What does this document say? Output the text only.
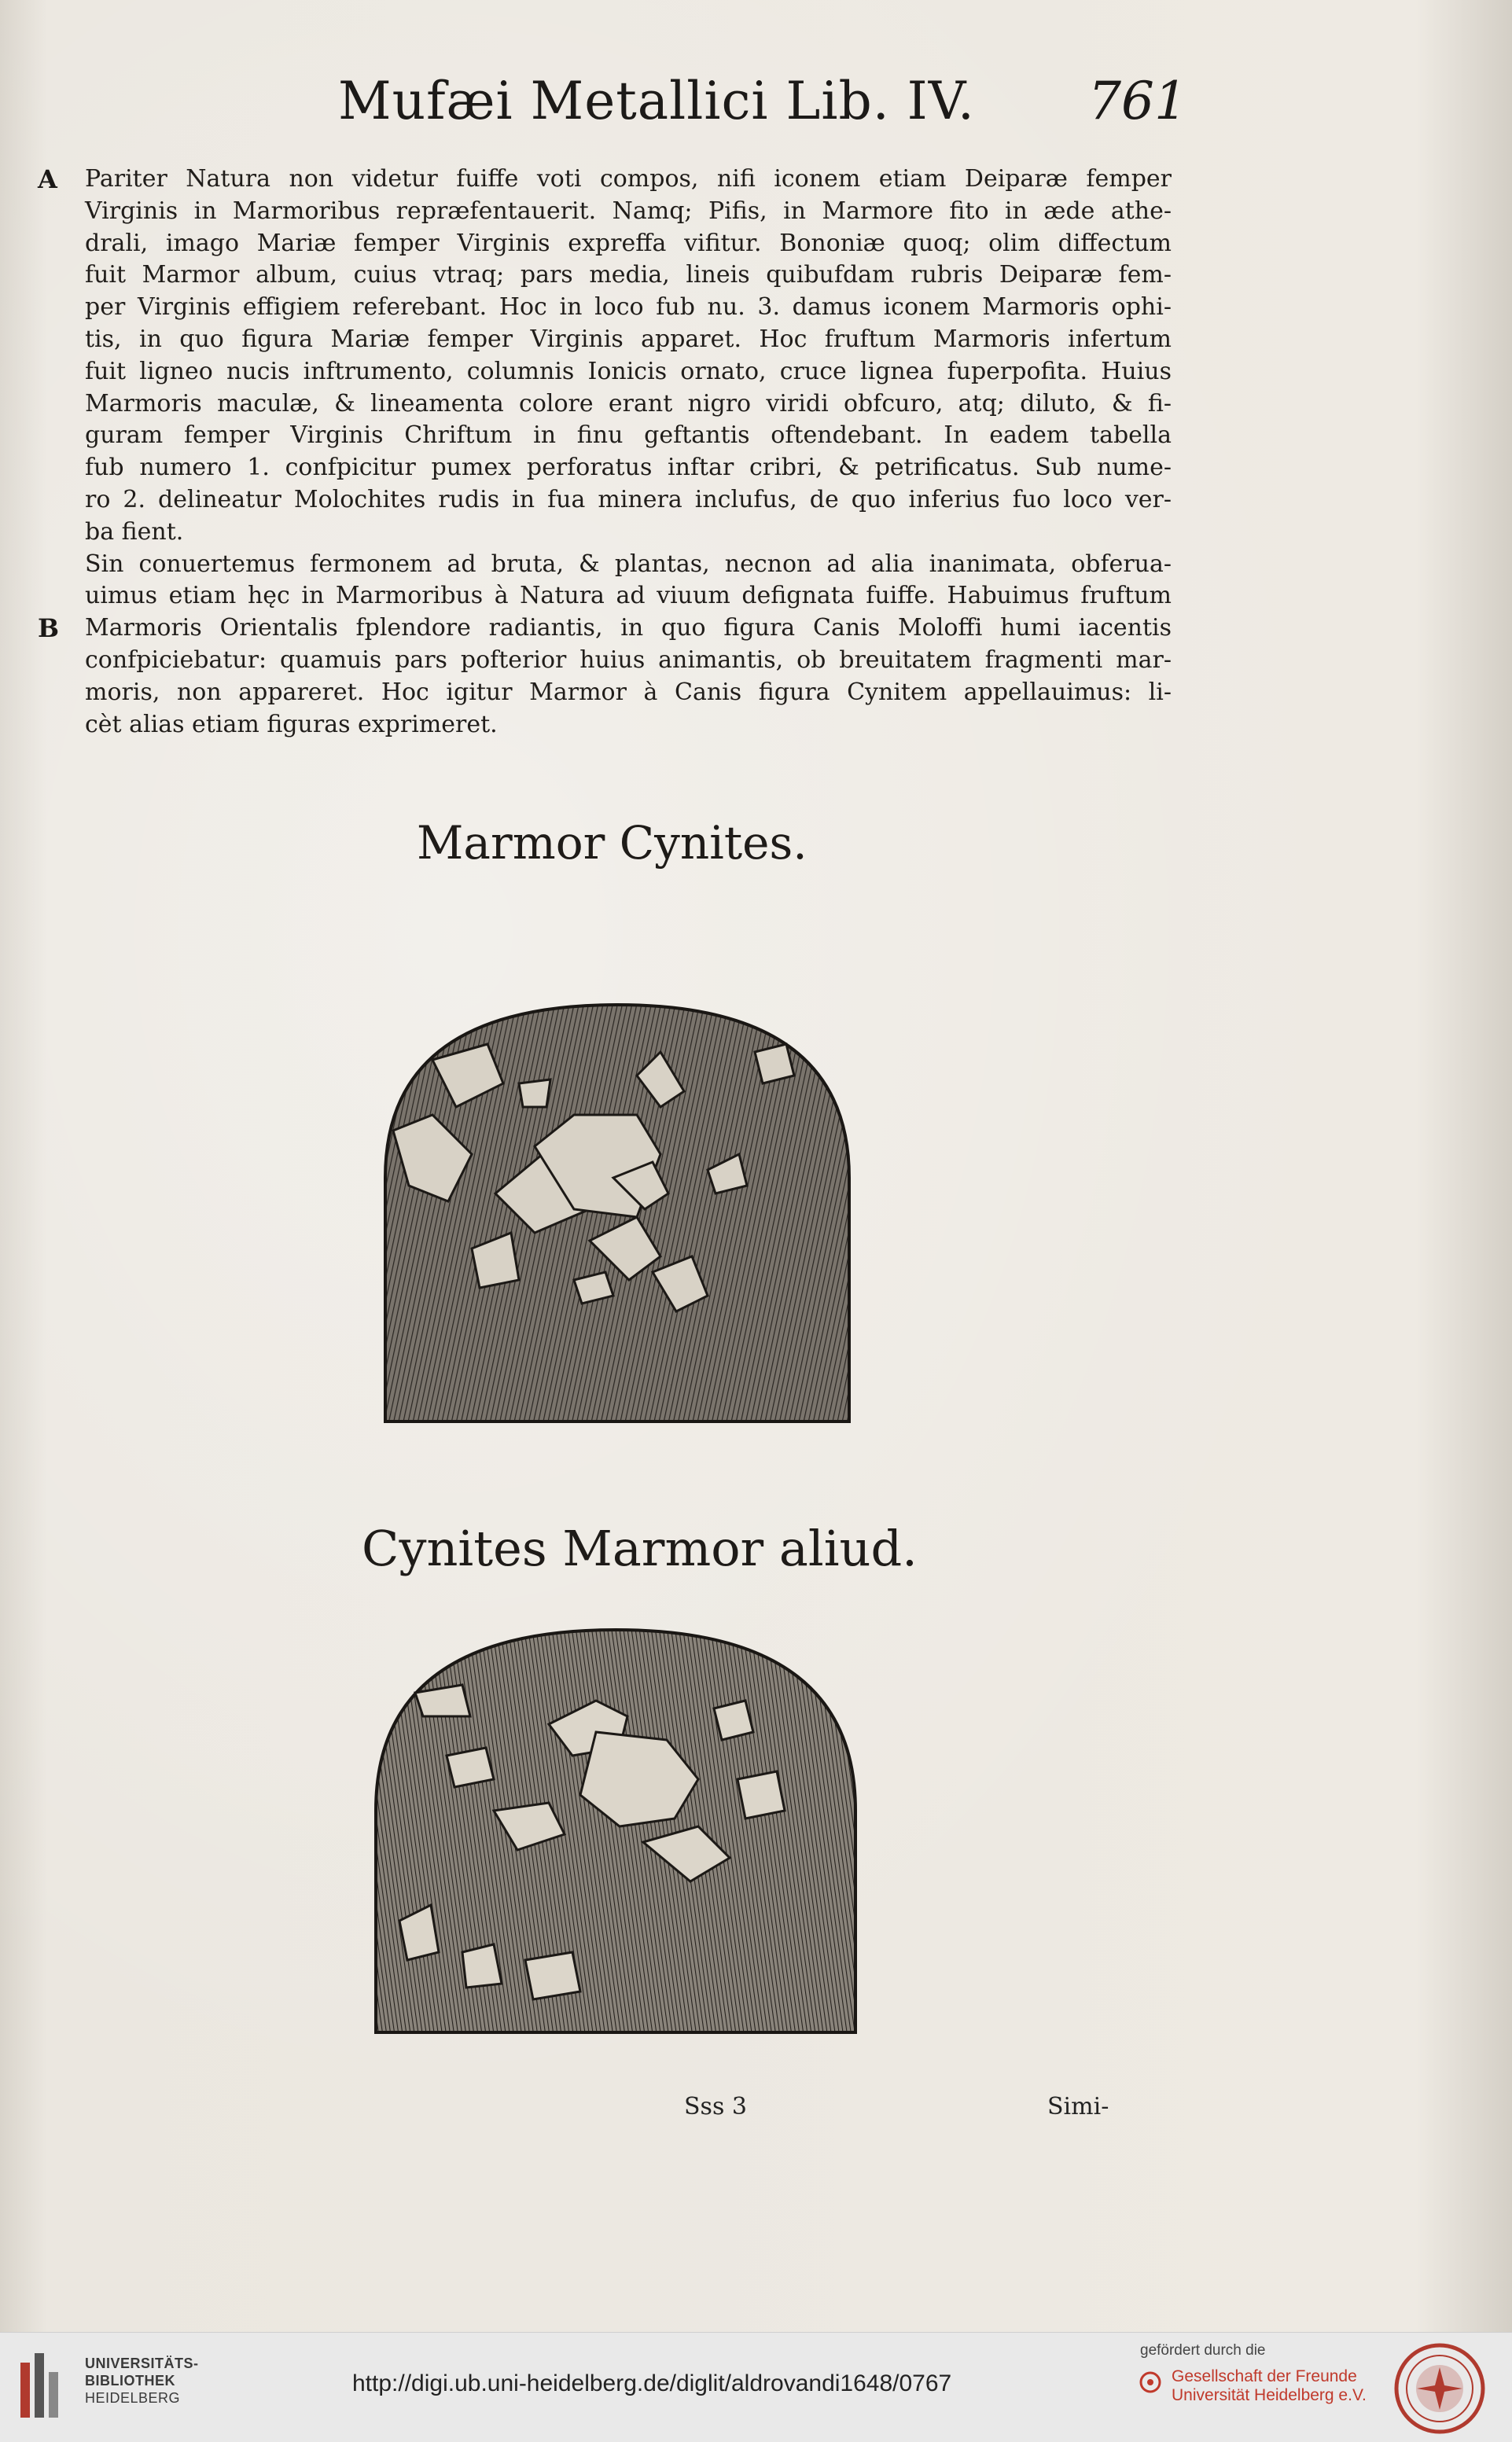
Mufæi Metallici Lib. IV. 761
A Pariter Natura non videtur fuiffe voti compos, nifi iconem etiam Deiparæ femper
Virginis in Marmoribus repræfentauerit. Namq; Pifis, in Marmore fito in æde athe-
drali, imago Mariæ femper Virginis expreffa vifitur. Bononiæ quoq; olim diffectum
fuit Marmor album, cuius vtraq; pars media, lineis quibufdam rubris Deiparæ fem-
per Virginis effigiem referebant. Hoc in loco fub nu. 3. damus iconem Marmoris ophi-
tis, in quo figura Mariæ femper Virginis apparet. Hoc fruftum Marmoris infertum
fuit ligneo nucis inftrumento, columnis Ionicis ornato, cruce lignea fuperpofita. Huius
Marmoris maculæ, & lineamenta colore erant nigro viridi obfcuro, atq; diluto, & fi-
guram femper Virginis Chriftum in finu geftantis oftendebant. In eadem tabella
fub numero 1. confpicitur pumex perforatus inftar cribri, & petrificatus. Sub nume-
ro 2. delineatur Molochites rudis in fua minera inclufus, de quo inferius fuo loco ver-
ba fient.
Sin conuertemus fermonem ad bruta, & plantas, necnon ad alia inanimata, obferua-
uimus etiam hęc in Marmoribus à Natura ad viuum defignata fuiffe. Habuimus fruftum
B Marmoris Orientalis fplendore radiantis, in quo figura Canis Moloffi humi iacentis
confpiciebatur: quamuis pars pofterior huius animantis, ob breuitatem fragmenti mar-
moris, non appareret. Hoc igitur Marmor à Canis figura Cynitem appellauimus: li-
cèt alias etiam figuras exprimeret.
Marmor Cynites.
Cynites Marmor aliud.
Sss 3	Simi-
UNIVERSITÄTS-
BIBLIOTHEK
HEIDELBERG
http://digi.ub.uni-heidelberg.de/diglit/aldrovandi1648/0767
gefördert durch die
Gesellschaft der Freunde
Universität Heidelberg e.V.
